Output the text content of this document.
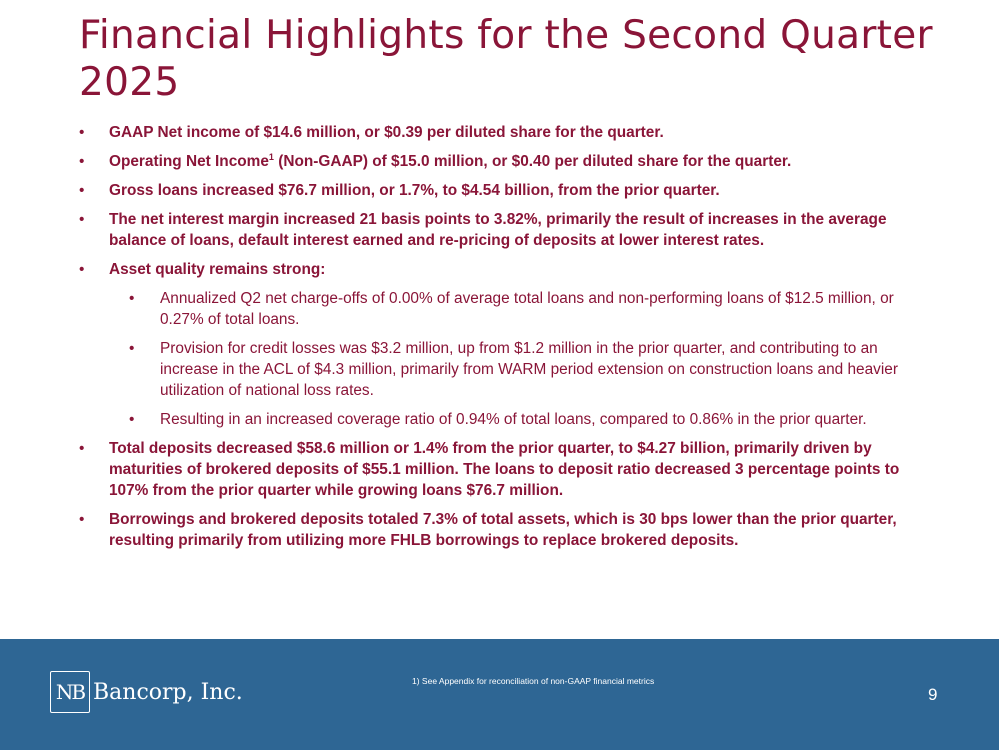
Financial Highlights for the Second Quarter 2025
• GAAP Net income of $14.6 million, or $0.39 per diluted share for the quarter.
• Operating Net Income$^1$ (Non-GAAP) of $15.0 million, or $0.40 per diluted share for the quarter.
• Gross loans increased $76.7 million, or 1.7%, to $4.54 billion, from the prior quarter.
• The net interest margin increased 21 basis points to 3.82%, primarily the result of increases in the average balance of loans, default interest earned and re-pricing of deposits at lower interest rates.
• Asset quality remains strong:
• Annualized Q2 net charge-offs of 0.00% of average total loans and non-performing loans of $12.5 million, or 0.27% of total loans.
• Provision for credit losses was $3.2 million, up from $1.2 million in the prior quarter, and contributing to an increase in the ACL of $4.3 million, primarily from WARM period extension on construction loans and heavier utilization of national loss rates.
• Resulting in an increased coverage ratio of 0.94% of total loans, compared to 0.86% in the prior quarter.
• Total deposits decreased $58.6 million or 1.4% from the prior quarter, to $4.27 billion, primarily driven by maturities of brokered deposits of $55.1 million. The loans to deposit ratio decreased 3 percentage points to 107% from the prior quarter while growing loans $76.7 million.
• Borrowings and brokered deposits totaled 7.3% of total assets, which is 30 bps lower than the prior quarter, resulting primarily from utilizing more FHLB borrowings to replace brokered deposits.
NB Bancorp, Inc.	1) See Appendix for reconciliation of non-GAAP financial metrics
9
